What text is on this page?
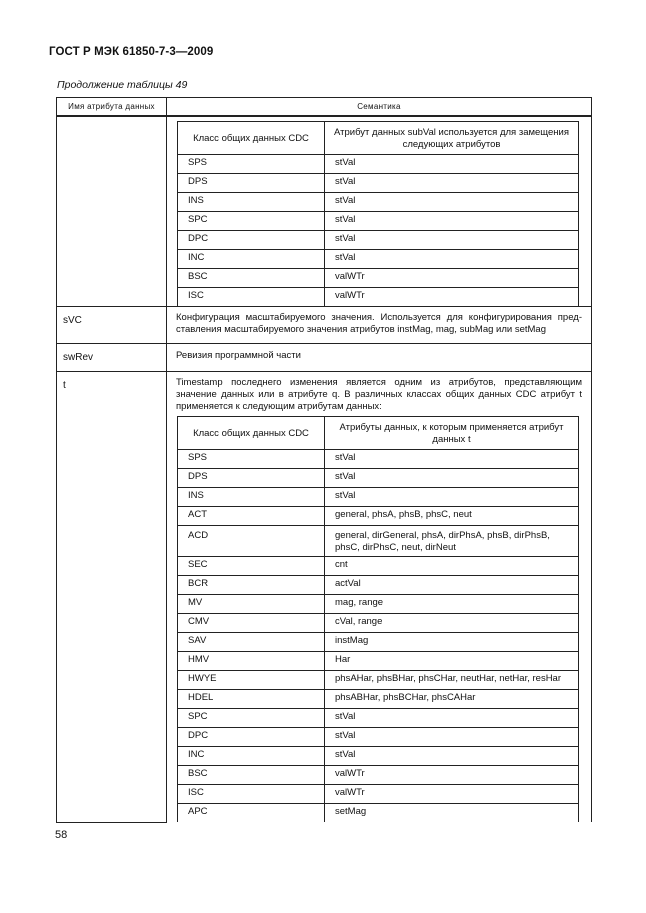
ГОСТ Р МЭК 61850-7-3—2009
Продолжение таблицы 49
Имя атрибута данных	Семантика

Класс общих данных CDC	Атрибут данных subVal используется для замещения следующих атрибутов
SPS	stVal
DPS	stVal
INS	stVal
SPC	stVal
DPC	stVal
INC	stVal
BSC	valWTr
ISC	valWTr

sVC	Конфигурация масштабируемого значения. Используется для конфигурирования пред-ставления масштабируемого значения атрибутов instMag, mag, subMag или setMag
swRev	Ревизия программной части
t	Timestamp последнего изменения является одним из атрибутов, представляющим значение данных или в атрибуте q. В различных классах общих данных CDC атрибут t применяется к следующим атрибутам данных:
Класс общих данных CDC	Атрибуты данных, к которым применяется атрибут данных t
SPS	stVal
DPS	stVal
INS	stVal
ACT	general, phsA, phsB, phsC, neut
ACD	general, dirGeneral, phsA, dirPhsA, phsB, dirPhsB, phsC, dirPhsC, neut, dirNeut
SEC	cnt
BCR	actVal
MV	mag, range
CMV	cVal, range
SAV	instMag
HMV	Har
HWYE	phsAHar, phsBHar, phsCHar, neutHar, netHar, resHar
HDEL	phsABHar, phsBCHar, phsCAHar
SPC	stVal
DPC	stVal
INC	stVal
BSC	valWTr
ISC	valWTr
APC	setMag
58
